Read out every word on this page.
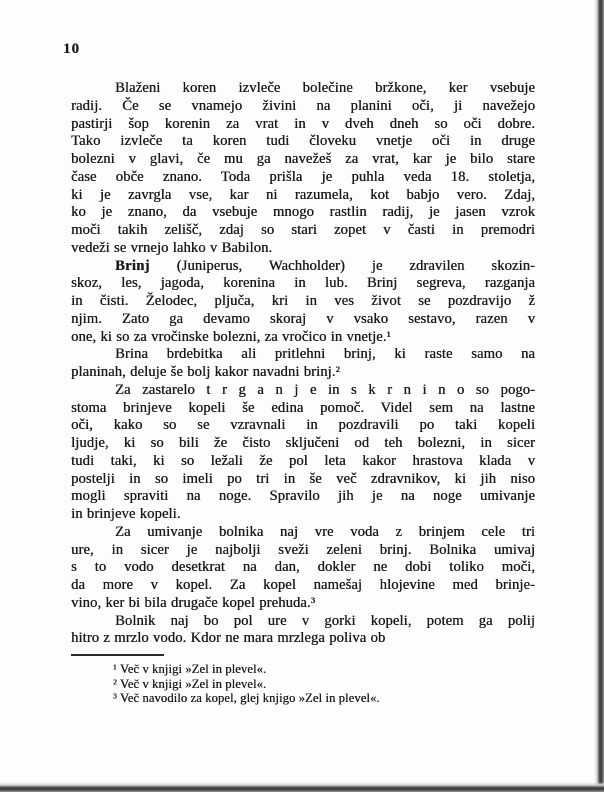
10
Blaženi koren izvleče bolečine bržkone, ker vsebuje
radij. Če se vnamejo živini na planini oči, ji navežejo
pastirji šop korenin za vrat in v dveh dneh so oči dobre.
Tako izvleče ta koren tudi človeku vnetje oči in druge
bolezni v glavi, če mu ga navežeš za vrat, kar je bilo stare
čase obče znano. Toda prišla je puhla veda 18. stoletja,
ki je zavrgla vse, kar ni razumela, kot babjo vero. Zdaj,
ko je znano, da vsebuje mnogo rastlin radij, je jasen vzrok
moči takih zelišč, zdaj so stari zopet v časti in premodri
vedeži se vrnejo lahko v Babilon.
Brinj (Juniperus, Wachholder) je zdravilen skozin-
skoz, les, jagoda, korenina in lub. Brinj segreva, razganja
in čisti. Želodec, pljuča, kri in ves život se pozdravijo ž
njim. Zato ga devamo skoraj v vsako sestavo, razen v
one, ki so za vročinske bolezni, za vročico in vnetje.¹
Brina brdebitka ali pritlehni brinj, ki raste samo na
planinah, deluje še bolj kakor navadni brinj.²
Za zastarelo t r g a n j e in s k r n i n o so pogo-
stoma brinjeve kopeli še edina pomoč. Videl sem na lastne
oči, kako so se vzravnali in pozdravili po taki kopeli
ljudje, ki so bili že čisto sključeni od teh bolezni, in sicer
tudi taki, ki so ležali že pol leta kakor hrastova klada v
postelji in so imeli po tri in še več zdravnikov, ki jih niso
mogli spraviti na noge. Spravilo jih je na noge umivanje
in brinjeve kopeli.
Za umivanje bolnika naj vre voda z brinjem cele tri
ure, in sicer je najbolji sveži zeleni brinj. Bolnika umivaj
s to vodo desetkrat na dan, dokler ne dobi toliko moči,
da more v kopel. Za kopel namešaj hlojevine med brinje-
vino, ker bi bila drugače kopel prehuda.³
Bolnik naj bo pol ure v gorki kopeli, potem ga polij
hitro z mrzlo vodo. Kdor ne mara mrzlega poliva ob
¹ Več v knjigi »Zel in plevel«.
² Več v knjigi »Zel in plevel«.
³ Več navodilo za kopel, glej knjigo »Zel in plevel«.
